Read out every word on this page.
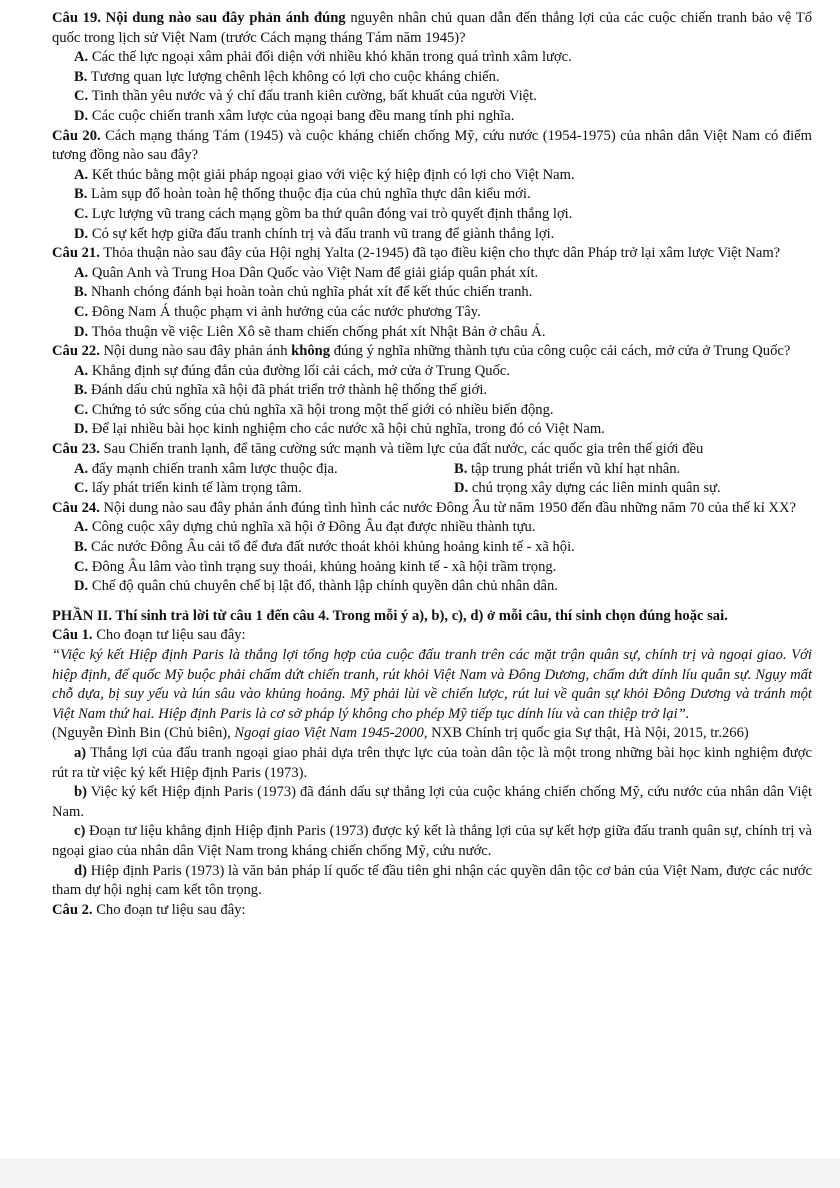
Câu 19. Nội dung nào sau đây phản ánh đúng nguyên nhân chủ quan dẫn đến thắng lợi của các cuộc chiến tranh bảo vệ Tổ quốc trong lịch sử Việt Nam (trước Cách mạng tháng Tám năm 1945)?

A. Các thế lực ngoại xâm phải đối diện với nhiều khó khăn trong quá trình xâm lược.

B. Tương quan lực lượng chênh lệch không có lợi cho cuộc kháng chiến.

C. Tinh thần yêu nước và ý chí đấu tranh kiên cường, bất khuất của người Việt.

D. Các cuộc chiến tranh xâm lược của ngoại bang đều mang tính phi nghĩa.

Câu 20. Cách mạng tháng Tám (1945) và cuộc kháng chiến chống Mỹ, cứu nước (1954-1975) của nhân dân Việt Nam có điểm tương đồng nào sau đây?

A. Kết thúc bằng một giải pháp ngoại giao với việc ký hiệp định có lợi cho Việt Nam.

B. Làm sụp đổ hoàn toàn hệ thống thuộc địa của chủ nghĩa thực dân kiểu mới.

C. Lực lượng vũ trang cách mạng gồm ba thứ quân đóng vai trò quyết định thắng lợi.

D. Có sự kết hợp giữa đấu tranh chính trị và đấu tranh vũ trang để giành thắng lợi.

Câu 21. Thỏa thuận nào sau đây của Hội nghị Yalta (2-1945) đã tạo điều kiện cho thực dân Pháp trở lại xâm lược Việt Nam?

A. Quân Anh và Trung Hoa Dân Quốc vào Việt Nam để giải giáp quân phát xít.

B. Nhanh chóng đánh bại hoàn toàn chủ nghĩa phát xít để kết thúc chiến tranh.

C. Đông Nam Á thuộc phạm vi ảnh hưởng của các nước phương Tây.

D. Thỏa thuận về việc Liên Xô sẽ tham chiến chống phát xít Nhật Bản ở châu Á.

Câu 22. Nội dung nào sau đây phản ánh không đúng ý nghĩa những thành tựu của công cuộc cải cách, mở cửa ở Trung Quốc?

A. Khẳng định sự đúng đắn của đường lối cải cách, mở cửa ở Trung Quốc.

B. Đánh dấu chủ nghĩa xã hội đã phát triển trở thành hệ thống thế giới.

C. Chứng tỏ sức sống của chủ nghĩa xã hội trong một thế giới có nhiều biến động.

D. Để lại nhiều bài học kinh nghiệm cho các nước xã hội chủ nghĩa, trong đó có Việt Nam.

Câu 23. Sau Chiến tranh lạnh, để tăng cường sức mạnh và tiềm lực của đất nước, các quốc gia trên thế giới đều

A. đẩy mạnh chiến tranh xâm lược thuộc địa.	B. tập trung phát triển vũ khí hạt nhân.

C. lấy phát triển kinh tế làm trọng tâm.	D. chú trọng xây dựng các liên minh quân sự.

Câu 24. Nội dung nào sau đây phản ánh đúng tình hình các nước Đông Âu từ năm 1950 đến đầu những năm 70 của thế kỉ XX?

A. Công cuộc xây dựng chủ nghĩa xã hội ở Đông Âu đạt được nhiều thành tựu.

B. Các nước Đông Âu cải tổ để đưa đất nước thoát khỏi khủng hoảng kinh tế - xã hội.

C. Đông Âu lâm vào tình trạng suy thoái, khủng hoảng kinh tế - xã hội trầm trọng.

D. Chế độ quân chủ chuyên chế bị lật đổ, thành lập chính quyền dân chủ nhân dân.

PHẦN II. Thí sinh trả lời từ câu 1 đến câu 4. Trong mỗi ý a), b), c), d) ở mỗi câu, thí sinh chọn đúng hoặc sai.

Câu 1. Cho đoạn tư liệu sau đây:

“Việc ký kết Hiệp định Paris là thắng lợi tổng hợp của cuộc đấu tranh trên các mặt trận quân sự, chính trị và ngoại giao. Với hiệp định, đế quốc Mỹ buộc phải chấm dứt chiến tranh, rút khỏi Việt Nam và Đông Dương, chấm dứt dính líu quân sự. Ngụy mất chỗ dựa, bị suy yếu và lún sâu vào khủng hoảng. Mỹ phải lùi về chiến lược, rút lui về quân sự khỏi Đông Dương và tránh một Việt Nam thứ hai. Hiệp định Paris là cơ sở pháp lý không cho phép Mỹ tiếp tục dính líu và can thiệp trở lại”.

(Nguyễn Đình Bin (Chủ biên), Ngoại giao Việt Nam 1945-2000, NXB Chính trị quốc gia Sự thật, Hà Nội, 2015, tr.266)

a) Thắng lợi của đấu tranh ngoại giao phải dựa trên thực lực của toàn dân tộc là một trong những bài học kinh nghiệm được rút ra từ việc ký kết Hiệp định Paris (1973).

b) Việc ký kết Hiệp định Paris (1973) đã đánh dấu sự thắng lợi của cuộc kháng chiến chống Mỹ, cứu nước của nhân dân Việt Nam.

c) Đoạn tư liệu khẳng định Hiệp định Paris (1973) được ký kết là thắng lợi của sự kết hợp giữa đấu tranh quân sự, chính trị và ngoại giao của nhân dân Việt Nam trong kháng chiến chống Mỹ, cứu nước.

d) Hiệp định Paris (1973) là văn bản pháp lí quốc tế đầu tiên ghi nhận các quyền dân tộc cơ bản của Việt Nam, được các nước tham dự hội nghị cam kết tôn trọng.

Câu 2. Cho đoạn tư liệu sau đây:
